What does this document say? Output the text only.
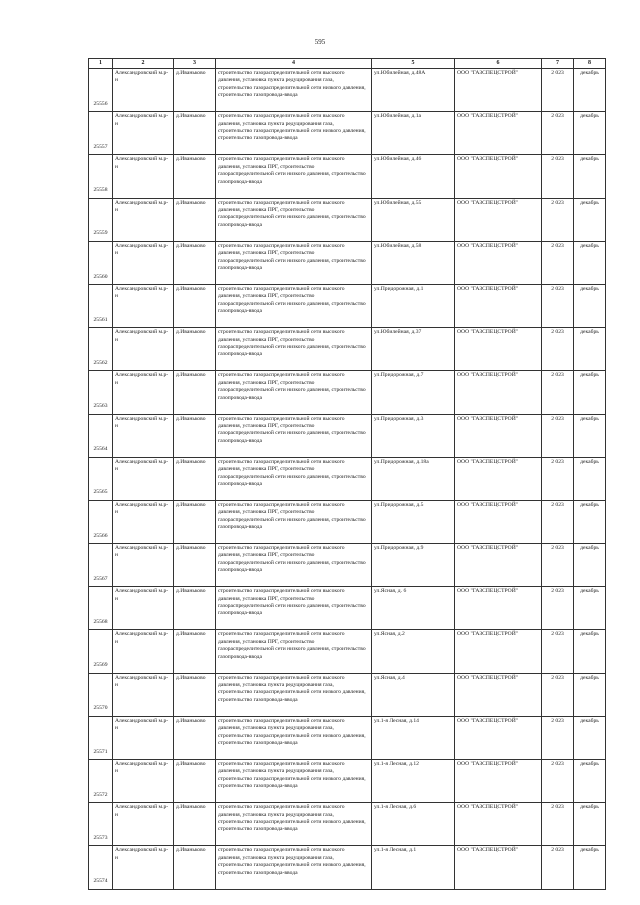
595
1	2	3	4	5	6	7	8
25556	Александровский м.р-н	д.Иваньково	строительство газораспределительной сети высокого давления, установка пункта редуцирования газа, строительство газораспределительной сети низкого давления, строительство газопровода-ввода	ул.Юбилейная, д.48А	ООО "ГАЗСПЕЦСТРОЙ"	2 023	декабрь
25557	Александровский м.р-н	д.Иваньково	строительство газораспределительной сети высокого давления, установка пункта редуцирования газа, строительство газораспределительной сети низкого давления, строительство газопровода-ввода	ул.Юбилейная, д.1а	ООО "ГАЗСПЕЦСТРОЙ"	2 023	декабрь
25558	Александровский м.р-н	д.Иваньково	строительство газораспределительной сети высокого давления, установка ПРГ, строительство газораспределительной сети низкого давления, строительство газопровода-ввода	ул.Юбилейная, д.46	ООО "ГАЗСПЕЦСТРОЙ"	2 023	декабрь
25559	Александровский м.р-н	д.Иваньково	строительство газораспределительной сети высокого давления, установка ПРГ, строительство газораспределительной сети низкого давления, строительство газопровода-ввода	ул.Юбилейная, д.55	ООО "ГАЗСПЕЦСТРОЙ"	2 023	декабрь
25560	Александровский м.р-н	д.Иваньково	строительство газораспределительной сети высокого давления, установка ПРГ, строительство газораспределительной сети низкого давления, строительство газопровода-ввода	ул.Юбилейная, д.58	ООО "ГАЗСПЕЦСТРОЙ"	2 023	декабрь
25561	Александровский м.р-н	д.Иваньково	строительство газораспределительной сети высокого давления, установка ПРГ, строительство газораспределительной сети низкого давления, строительство газопровода-ввода	ул.Придорожная, д.1	ООО "ГАЗСПЕЦСТРОЙ"	2 023	декабрь
25562	Александровский м.р-н	д.Иваньково	строительство газораспределительной сети высокого давления, установка ПРГ, строительство газораспределительной сети низкого давления, строительство газопровода-ввода	ул.Юбилейная, д.37	ООО "ГАЗСПЕЦСТРОЙ"	2 023	декабрь
25563	Александровский м.р-н	д.Иваньково	строительство газораспределительной сети высокого давления, установка ПРГ, строительство газораспределительной сети низкого давления, строительство газопровода-ввода	ул.Придорожная, д.7	ООО "ГАЗСПЕЦСТРОЙ"	2 023	декабрь
25564	Александровский м.р-н	д.Иваньково	строительство газораспределительной сети высокого давления, установка ПРГ, строительство газораспределительной сети низкого давления, строительство газопровода-ввода	ул.Придорожная, д.3	ООО "ГАЗСПЕЦСТРОЙ"	2 023	декабрь
25565	Александровский м.р-н	д.Иваньково	строительство газораспределительной сети высокого давления, установка ПРГ, строительство газораспределительной сети низкого давления, строительство газопровода-ввода	ул.Придорожная, д.18а	ООО "ГАЗСПЕЦСТРОЙ"	2 023	декабрь
25566	Александровский м.р-н	д.Иваньково	строительство газораспределительной сети высокого давления, установка ПРГ, строительство газораспределительной сети низкого давления, строительство газопровода-ввода	ул.Придорожная, д.5	ООО "ГАЗСПЕЦСТРОЙ"	2 023	декабрь
25567	Александровский м.р-н	д.Иваньково	строительство газораспределительной сети высокого давления, установка ПРГ, строительство газораспределительной сети низкого давления, строительство газопровода-ввода	ул.Придорожная, д.9	ООО "ГАЗСПЕЦСТРОЙ"	2 023	декабрь
25568	Александровский м.р-н	д.Иваньково	строительство газораспределительной сети высокого давления, установка ПРГ, строительство газораспределительной сети низкого давления, строительство газопровода-ввода	ул.Ясная, д. 6	ООО "ГАЗСПЕЦСТРОЙ"	2 023	декабрь
25569	Александровский м.р-н	д.Иваньково	строительство газораспределительной сети высокого давления, установка ПРГ, строительство газораспределительной сети низкого давления, строительство газопровода-ввода	ул.Ясная, д.2	ООО "ГАЗСПЕЦСТРОЙ"	2 023	декабрь
25570	Александровский м.р-н	д.Иваньково	строительство газораспределительной сети высокого давления, установка пункта редуцирования газа, строительство газораспределительной сети низкого давления, строительство газопровода-ввода	ул.Ясная, д.4	ООО "ГАЗСПЕЦСТРОЙ"	2 023	декабрь
25571	Александровский м.р-н	д.Иваньково	строительство газораспределительной сети высокого давления, установка пункта редуцирования газа, строительство газораспределительной сети низкого давления, строительство газопровода-ввода	ул.1-я Лесная, д.14	ООО "ГАЗСПЕЦСТРОЙ"	2 023	декабрь
25572	Александровский м.р-н	д.Иваньково	строительство газораспределительной сети высокого давления, установка пункта редуцирования газа, строительство газораспределительной сети низкого давления, строительство газопровода-ввода	ул.1-я Лесная, д.12	ООО "ГАЗСПЕЦСТРОЙ"	2 023	декабрь
25573	Александровский м.р-н	д.Иваньково	строительство газораспределительной сети высокого давления, установка пункта редуцирования газа, строительство газораспределительной сети низкого давления, строительство газопровода-ввода	ул.1-я Лесная, д.6	ООО "ГАЗСПЕЦСТРОЙ"	2 023	декабрь
25574	Александровский м.р-н	д.Иваньково	строительство газораспределительной сети высокого давления, установка пункта редуцирования газа, строительство газораспределительной сети низкого давления, строительство газопровода-ввода	ул.1-я Лесная, д.1	ООО "ГАЗСПЕЦСТРОЙ"	2 023	декабрь
